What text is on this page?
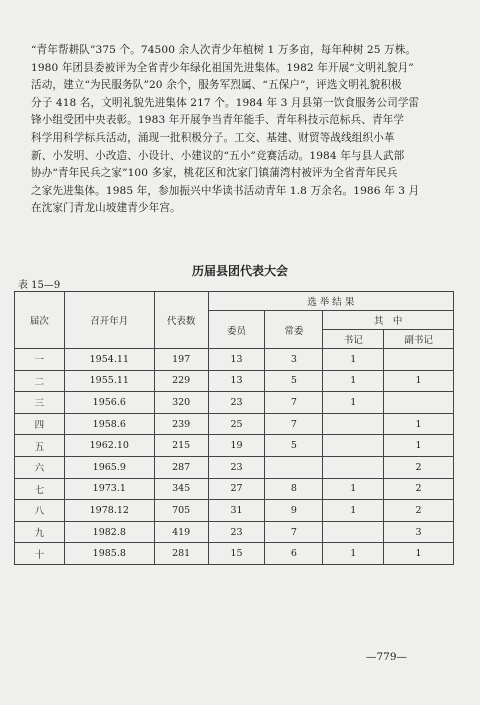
“青年帮耕队”375 个。74500 余人次青少年植树 1 万多亩，每年种树 25 万株。
1980 年团县委被评为全省青少年绿化祖国先进集体。1982 年开展“文明礼貌月”
活动，建立“为民服务队”20 余个，服务军烈属、“五保户”，评选文明礼貌积极
分子 418 名，文明礼貌先进集体 217 个。1984 年 3 月县第一饮食服务公司学雷
锋小组受团中央表彰。1983 年开展争当青年能手、青年科技示范标兵、青年学
科学用科学标兵活动，涌现一批积极分子。工交、基建、财贸等战线组织小革
新、小发明、小改造、小设计、小建议的“五小”竞赛活动。1984 年与县人武部
协办“青年民兵之家”100 多家，桃花区和沈家门镇蒲湾村被评为全省青年民兵
之家先进集体。1985 年，参加振兴中华读书活动青年 1.8 万余名。1986 年 3 月
在沈家门青龙山坡建青少年宫。
历届县团代表大会
表 15—9
届次	召开年月	代表数	选 举 结 果			
			委员	常委	其　中	
					书记	副书记
一	1954.11	197	13	3	1	
二	1955.11	229	13	5	1	1
三	1956.6	320	23	7	1	
四	1958.6	239	25	7		1
五	1962.10	215	19	5		1
六	1965.9	287	23			2
七	1973.1	345	27	8	1	2
八	1978.12	705	31	9	1	2
九	1982.8	419	23	7		3
十	1985.8	281	15	6	1	1
—779—
